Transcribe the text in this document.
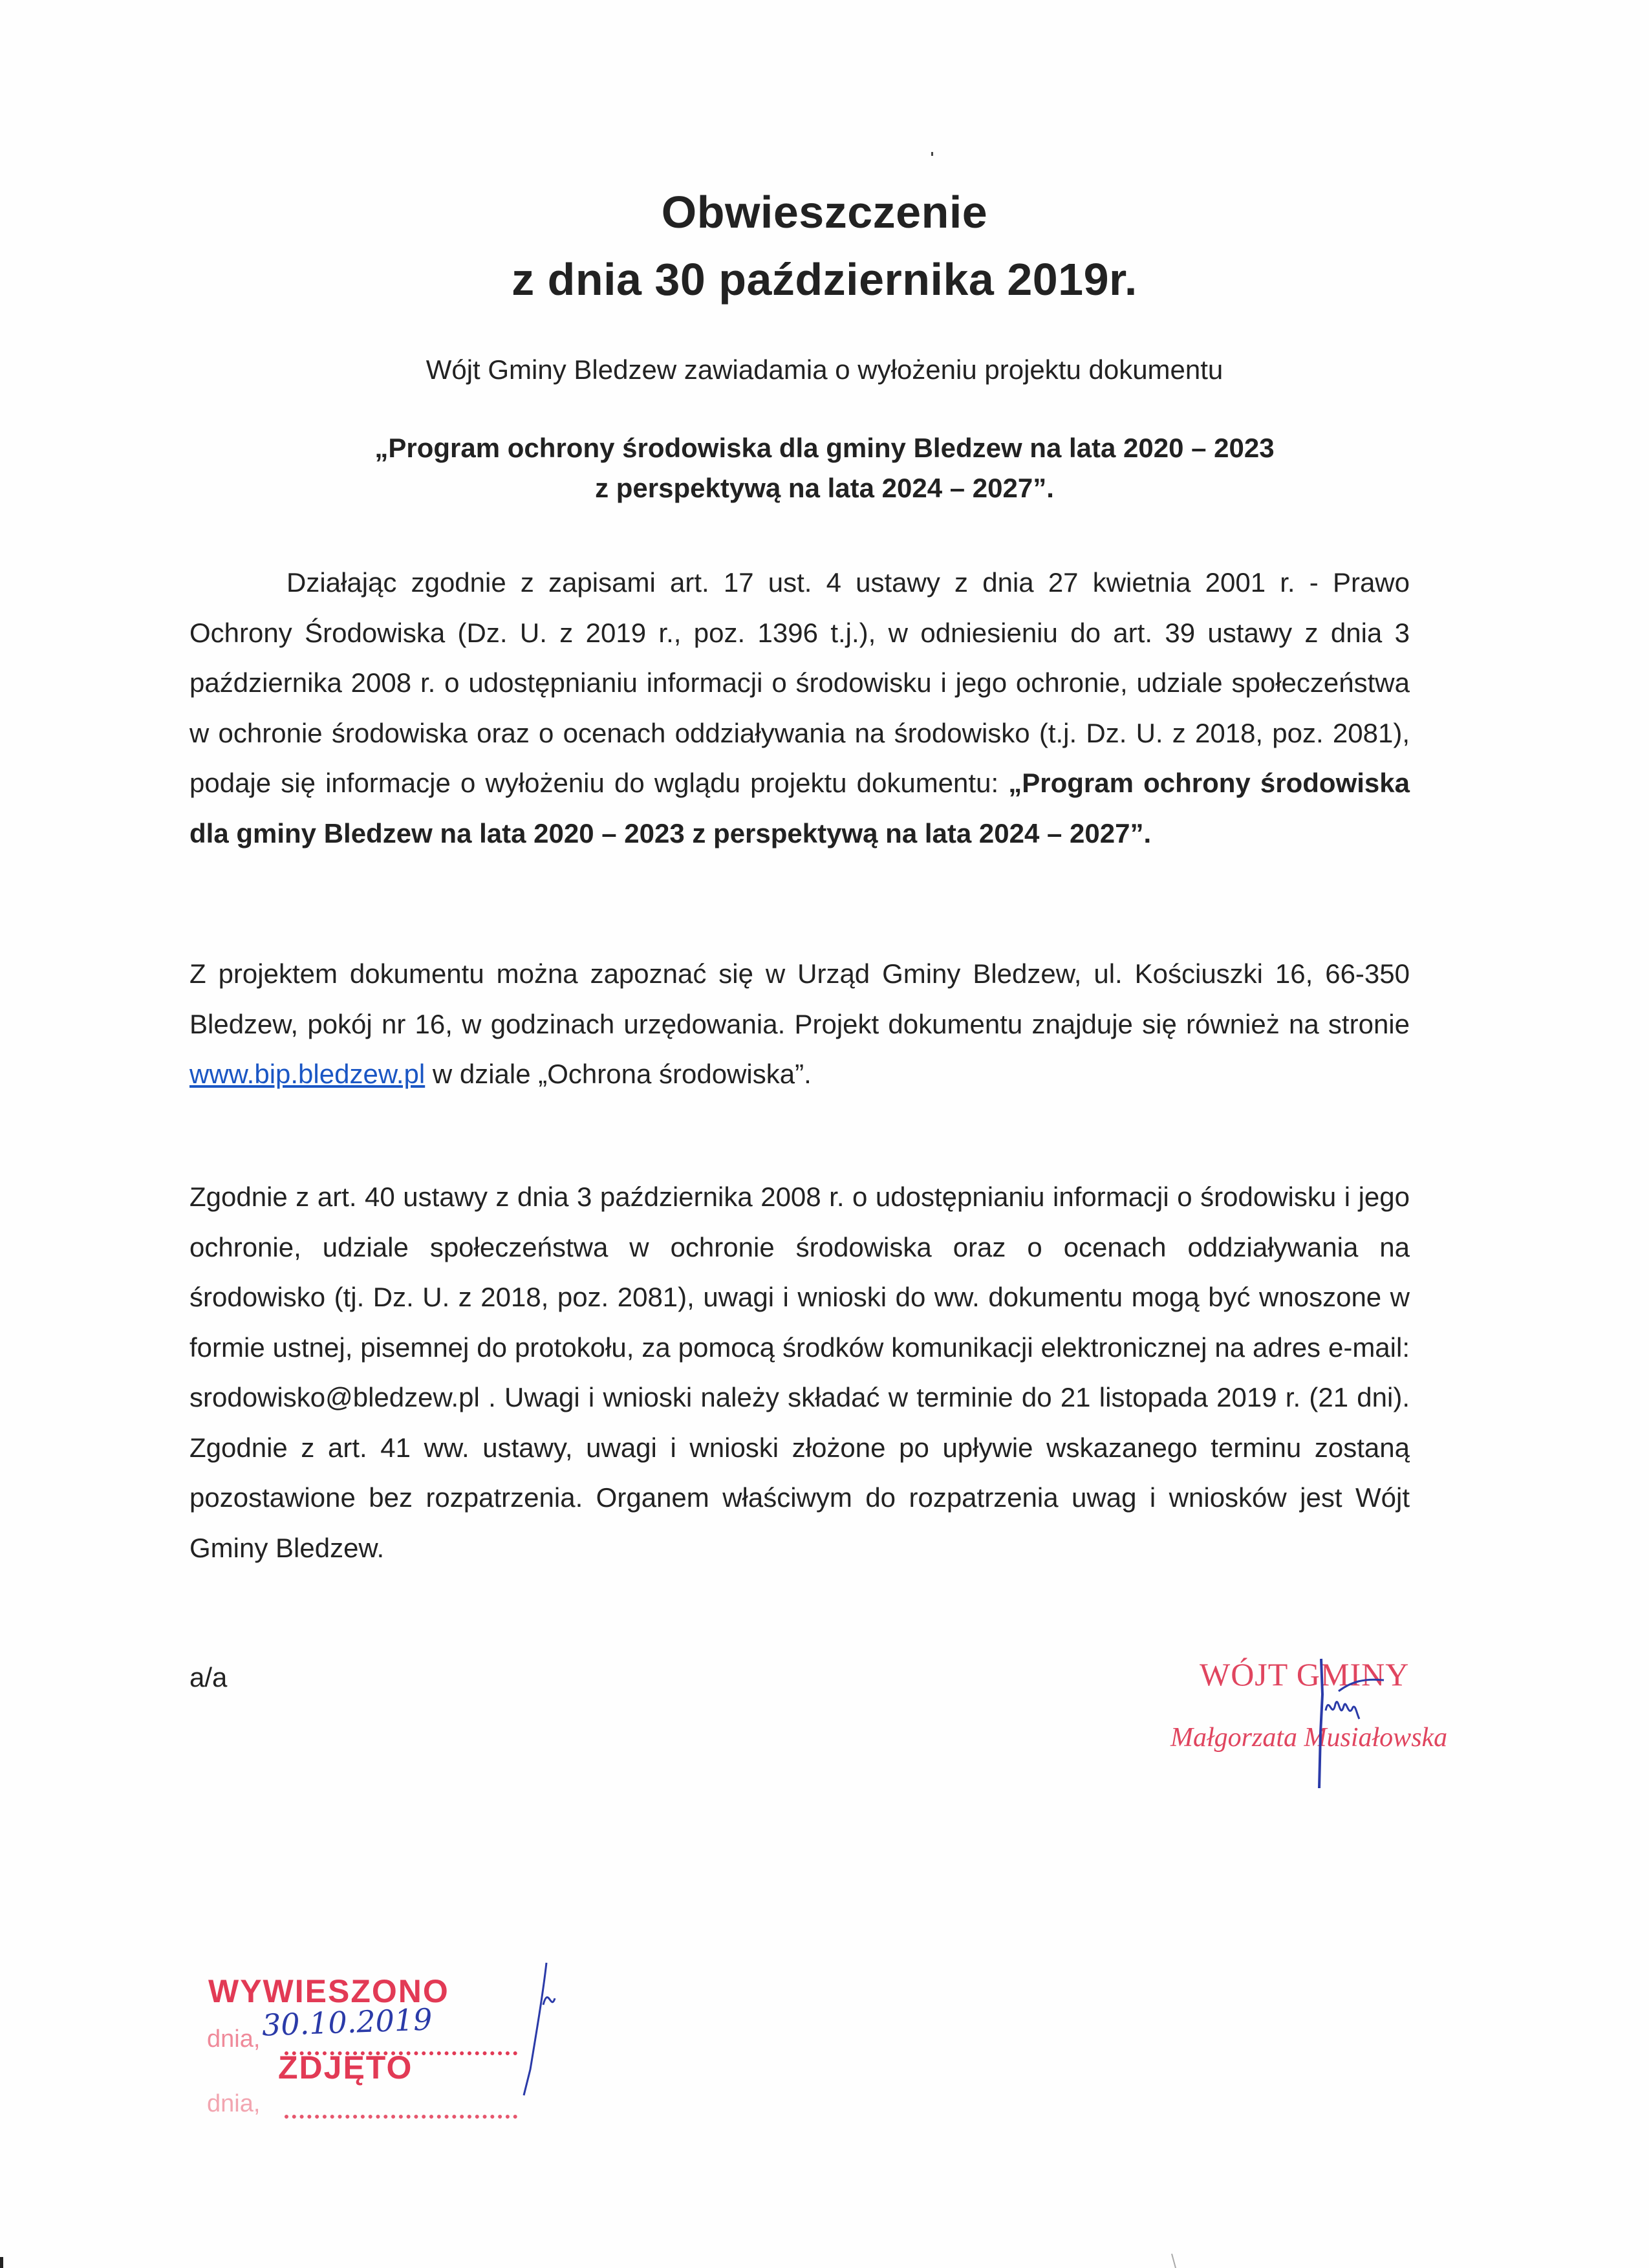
Obwieszczenie
z dnia 30 października 2019r.
Wójt Gminy Bledzew zawiadamia o wyłożeniu projektu dokumentu
„Program ochrony środowiska dla gminy Bledzew na lata 2020 – 2023
z perspektywą na lata 2024 – 2027”.
Działając zgodnie z zapisami art. 17 ust. 4 ustawy z dnia 27 kwietnia 2001 r. - Prawo Ochrony Środowiska (Dz. U. z 2019 r., poz. 1396 t.j.), w odniesieniu do art. 39 ustawy z dnia 3 października 2008 r. o udostępnianiu informacji o środowisku i jego ochronie, udziale społeczeństwa w ochronie środowiska oraz o ocenach oddziaływania na środowisko (t.j. Dz. U. z 2018, poz. 2081), podaje się informacje o wyłożeniu do wglądu projektu dokumentu: „Program ochrony środowiska dla gminy Bledzew na lata 2020 – 2023 z perspektywą na lata 2024 – 2027”.
Z projektem dokumentu można zapoznać się w Urząd Gminy Bledzew, ul. Kościuszki 16, 66-350 Bledzew, pokój nr 16, w godzinach urzędowania. Projekt dokumentu znajduje się również na stronie www.bip.bledzew.pl w dziale „Ochrona środowiska”.
Zgodnie z art. 40 ustawy z dnia 3 października 2008 r. o udostępnianiu informacji o środowisku i jego ochronie, udziale społeczeństwa w ochronie środowiska oraz o ocenach oddziaływania na środowisko (tj. Dz. U. z 2018, poz. 2081), uwagi i wnioski do ww. dokumentu mogą być wnoszone w formie ustnej, pisemnej do protokołu, za pomocą środków komunikacji elektronicznej na adres e-mail: srodowisko@bledzew.pl . Uwagi i wnioski należy składać w terminie do 21 listopada 2019 r. (21 dni). Zgodnie z art. 41 ww. ustawy, uwagi i wnioski złożone po upływie wskazanego terminu zostaną pozostawione bez rozpatrzenia. Organem właściwym do rozpatrzenia uwag i wniosków jest Wójt Gminy Bledzew.
a/a	WÓJT GMINY
Małgorzata Musiałowska
WYWIESZONO
dnia, 30.10.2019
ZDJĘTO
dnia,
